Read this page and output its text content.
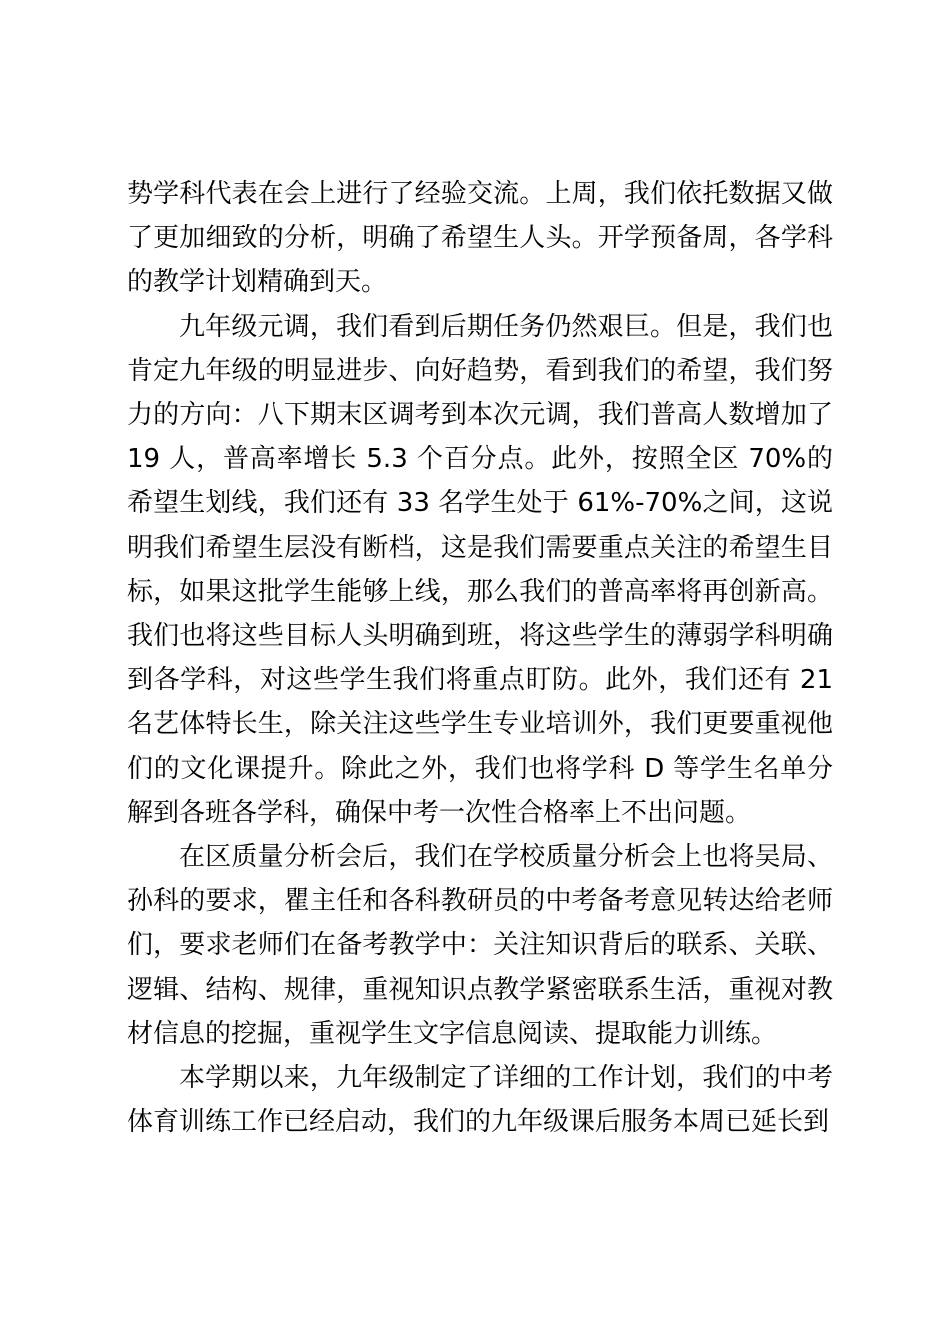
势学科代表在会上进行了经验交流。上周，我们依托数据又做了更加细致的分析，明确了希望生人头。开学预备周，各学科的教学计划精确到天。

九年级元调，我们看到后期任务仍然艰巨。但是，我们也肯定九年级的明显进步、向好趋势，看到我们的希望，我们努力的方向：八下期末区调考到本次元调，我们普高人数增加了 19 人，普高率增长 5.3 个百分点。此外，按照全区 70%的希望生划线，我们还有 33 名学生处于 61%-70%之间，这说明我们希望生层没有断档，这是我们需要重点关注的希望生目标，如果这批学生能够上线，那么我们的普高率将再创新高。我们也将这些目标人头明确到班，将这些学生的薄弱学科明确到各学科，对这些学生我们将重点盯防。此外，我们还有 21 名艺体特长生，除关注这些学生专业培训外，我们更要重视他们的文化课提升。除此之外，我们也将学科 D 等学生名单分解到各班各学科，确保中考一次性合格率上不出问题。

在区质量分析会后，我们在学校质量分析会上也将吴局、孙科的要求，瞿主任和各科教研员的中考备考意见转达给老师们，要求老师们在备考教学中：关注知识背后的联系、关联、逻辑、结构、规律，重视知识点教学紧密联系生活，重视对教材信息的挖掘，重视学生文字信息阅读、提取能力训练。

本学期以来，九年级制定了详细的工作计划，我们的中考体育训练工作已经启动，我们的九年级课后服务本周已延长到
